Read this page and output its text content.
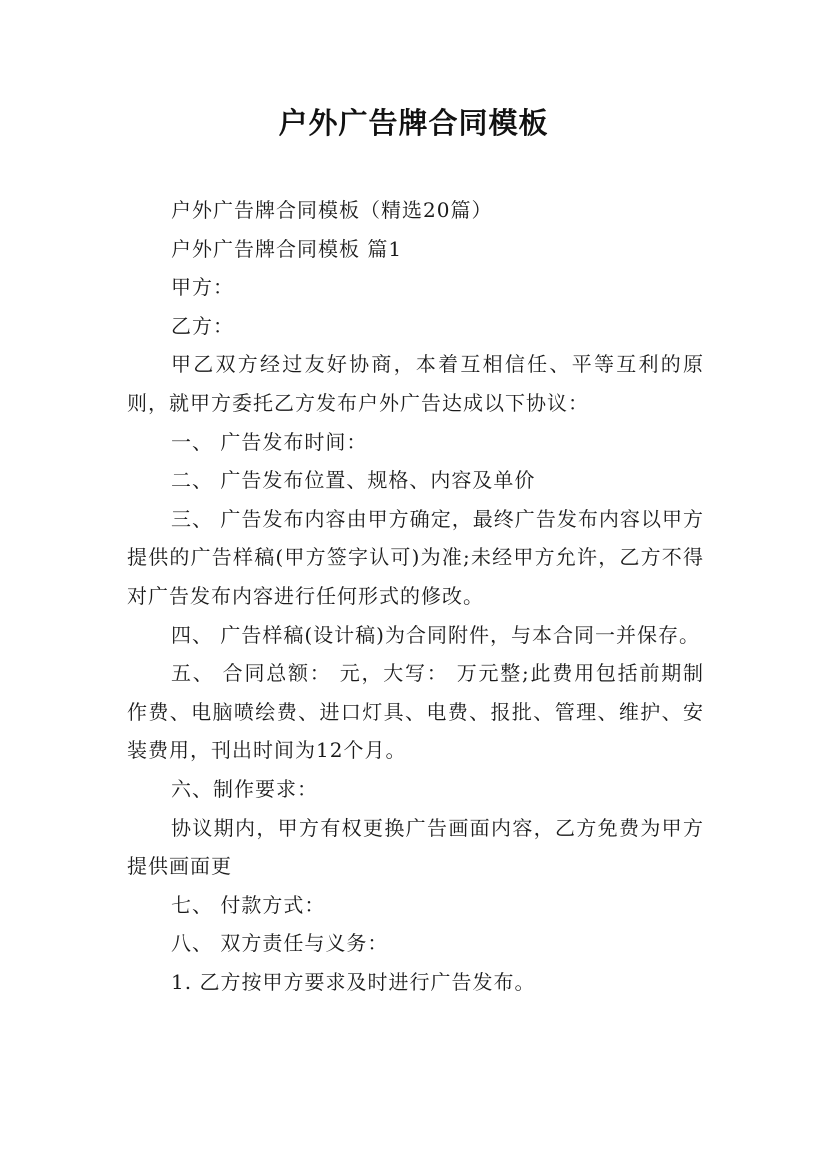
户外广告牌合同模板

户外广告牌合同模板（精选20篇）

户外广告牌合同模板 篇1

甲方：

乙方：

甲乙双方经过友好协商，本着互相信任、平等互利的原则，就甲方委托乙方发布户外广告达成以下协议：

一、 广告发布时间：

二、 广告发布位置、规格、内容及单价

三、 广告发布内容由甲方确定，最终广告发布内容以甲方提供的广告样稿(甲方签字认可)为准;未经甲方允许，乙方不得对广告发布内容进行任何形式的修改。

四、 广告样稿(设计稿)为合同附件，与本合同一并保存。

五、 合同总额： 元，大写： 万元整;此费用包括前期制作费、电脑喷绘费、进口灯具、电费、报批、管理、维护、安装费用，刊出时间为12个月。

六、制作要求：

协议期内，甲方有权更换广告画面内容，乙方免费为甲方提供画面更

七、 付款方式：

八、 双方责任与义务：

1. 乙方按甲方要求及时进行广告发布。
